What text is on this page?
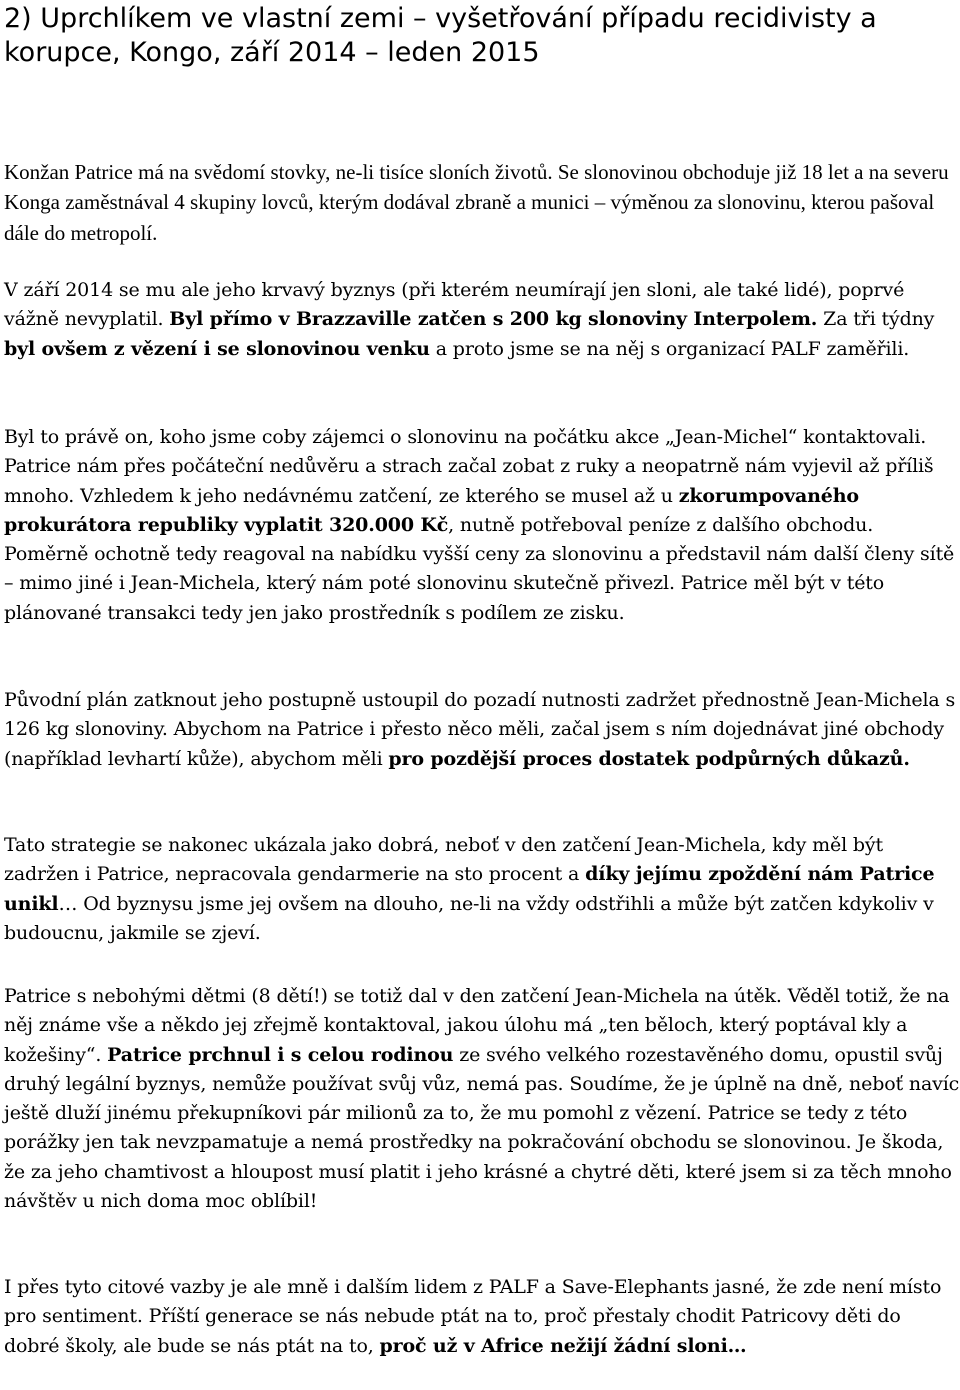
2) Uprchlíkem ve vlastní zemi – vyšetřování případu recidivisty a korupce, Kongo, září 2014 – leden 2015

Konžan Patrice má na svědomí stovky, ne-li tisíce sloních životů. Se slonovinou obchoduje již 18 let a na severu Konga zaměstnával 4 skupiny lovců, kterým dodával zbraně a munici – výměnou za slonovinu, kterou pašoval dále do metropolí.

V září 2014 se mu ale jeho krvavý byznys (při kterém neumírají jen sloni, ale také lidé), poprvé vážně nevyplatil. Byl přímo v Brazzaville zatčen s 200 kg slonoviny Interpolem. Za tři týdny byl ovšem z vězení i se slonovinou venku a proto jsme se na něj s organizací PALF zaměřili.

Byl to právě on, koho jsme coby zájemci o slonovinu na počátku akce „Jean-Michel“ kontaktovali. Patrice nám přes počáteční nedůvěru a strach začal zobat z ruky a neopatrně nám vyjevil až příliš mnoho. Vzhledem k jeho nedávnému zatčení, ze kterého se musel až u zkorumpovaného prokurátora republiky vyplatit 320.000 Kč, nutně potřeboval peníze z dalšího obchodu. Poměrně ochotně tedy reagoval na nabídku vyšší ceny za slonovinu a představil nám další členy sítě – mimo jiné i Jean-Michela, který nám poté slonovinu skutečně přivezl. Patrice měl být v této plánované transakci tedy jen jako prostředník s podílem ze zisku.

Původní plán zatknout jeho postupně ustoupil do pozadí nutnosti zadržet přednostně Jean-Michela s 126 kg slonoviny. Abychom na Patrice i přesto něco měli, začal jsem s ním dojednávat jiné obchody (například levhartí kůže), abychom měli pro pozdější proces dostatek podpůrných důkazů.

Tato strategie se nakonec ukázala jako dobrá, neboť v den zatčení Jean-Michela, kdy měl být zadržen i Patrice, nepracovala gendarmerie na sto procent a díky jejímu zpoždění nám Patrice unikl… Od byznysu jsme jej ovšem na dlouho, ne-li na vždy odstřihli a může být zatčen kdykoliv v budoucnu, jakmile se zjeví.

Patrice s nebohými dětmi (8 dětí!) se totiž dal v den zatčení Jean-Michela na útěk. Věděl totiž, že na něj známe vše a někdo jej zřejmě kontaktoval, jakou úlohu má „ten běloch, který poptával kly a kožešiny“. Patrice prchnul i s celou rodinou ze svého velkého rozestavěného domu, opustil svůj druhý legální byznys, nemůže používat svůj vůz, nemá pas. Soudíme, že je úplně na dně, neboť navíc ještě dluží jinému překupníkovi pár milionů za to, že mu pomohl z vězení. Patrice se tedy z této porážky jen tak nevzpamatuje a nemá prostředky na pokračování obchodu se slonovinou. Je škoda, že za jeho chamtivost a hloupost musí platit i jeho krásné a chytré děti, které jsem si za těch mnoho návštěv u nich doma moc oblíbil!

I přes tyto citové vazby je ale mně i dalším lidem z PALF a Save-Elephants jasné, že zde není místo pro sentiment. Příští generace se nás nebude ptát na to, proč přestaly chodit Patricovy děti do dobré školy, ale bude se nás ptát na to, proč už v Africe nežijí žádní sloni…
